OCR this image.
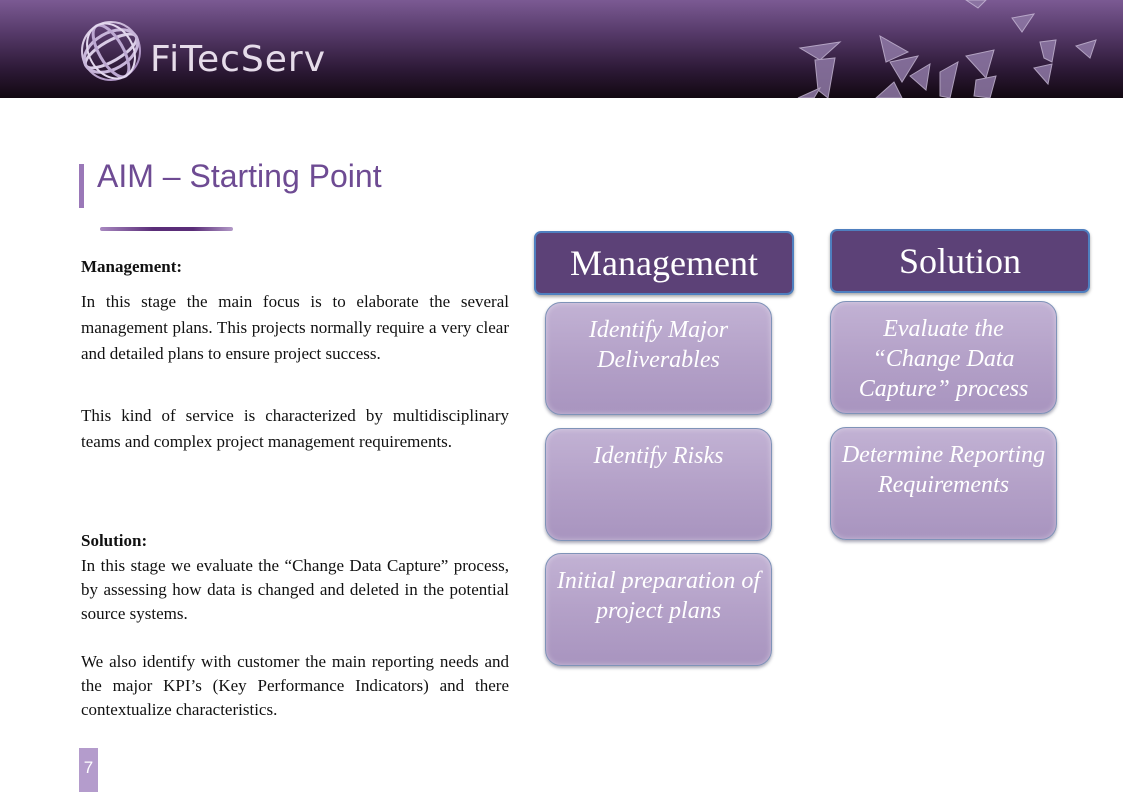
FiTecServ
AIM – Starting Point

Management:

In this stage the main focus is to elaborate the several management plans. This projects normally require a very clear and detailed plans to ensure project success.

This kind of service is characterized by multidisciplinary teams and complex project management requirements.

Solution:

In this stage we evaluate the “Change Data Capture” process, by assessing how data is changed and deleted in the potential source systems.

We also identify with customer the main reporting needs and the major KPI’s (Key Performance Indicators) and there contextualize characteristics.

Management	Solution
Identify Major Deliverables
Identify Risks
Initial preparation of project plans
Evaluate the “Change Data Capture” process
Determine Reporting Requirements
7
